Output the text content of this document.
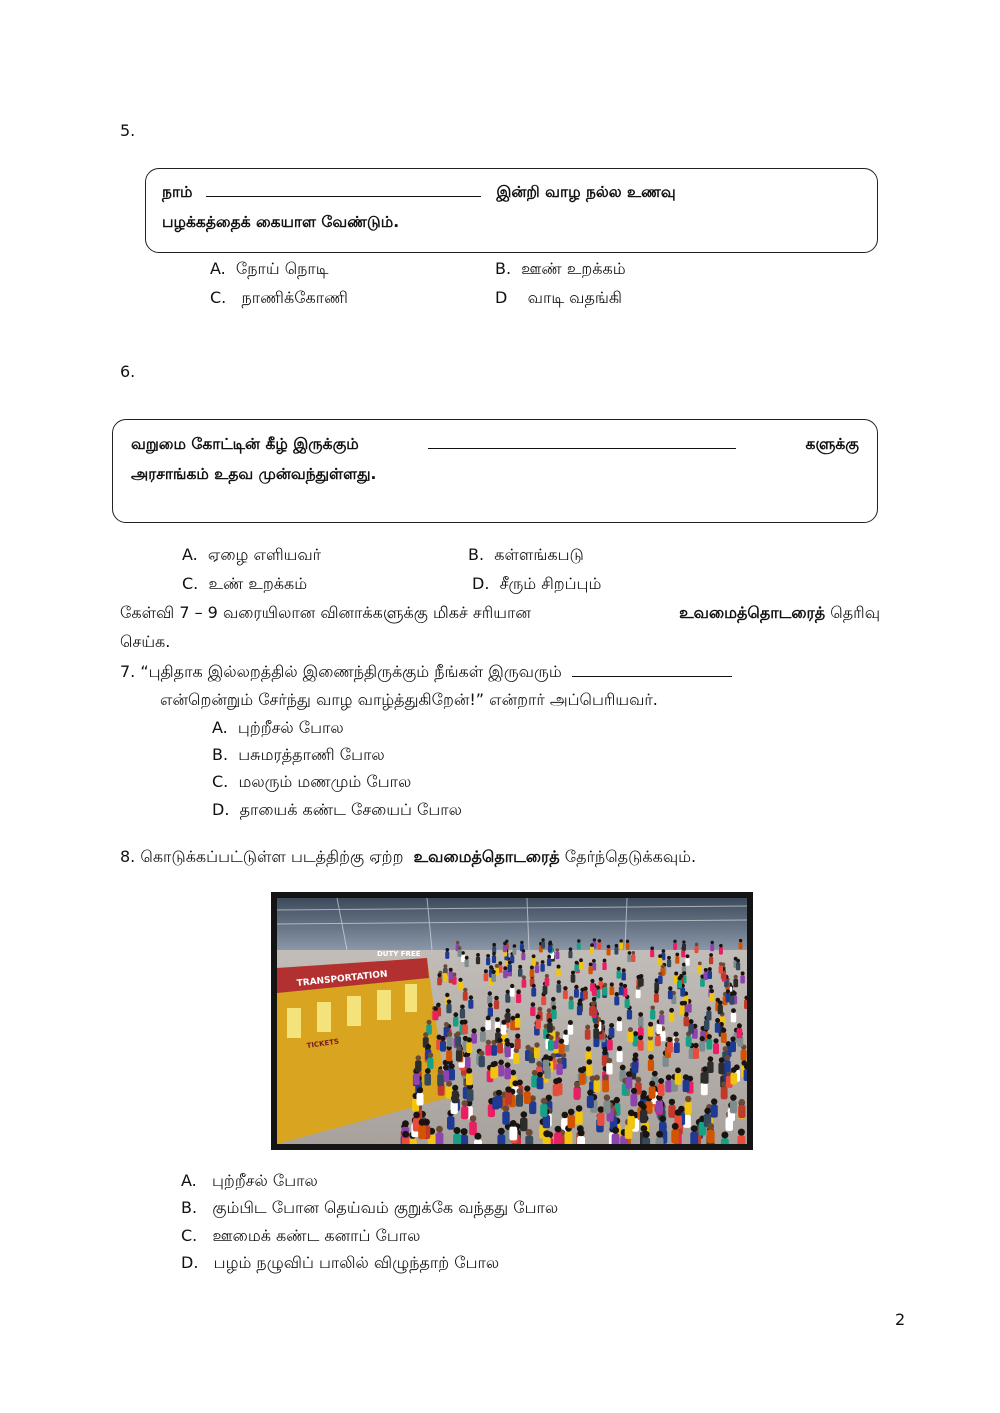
5.
நாம்	இன்றி வாழ நல்ல உணவு
பழக்கத்தைக் கையாள வேண்டும்.
A. நோய் நொடி	B. ஊண் உறக்கம்
C. நாணிக்கோணி	D வாடி வதங்கி
6.
வறுமை கோட்டின் கீழ் இருக்கும்	களுக்கு
அரசாங்கம் உதவ முன்வந்துள்ளது.
A. ஏழை எளியவர்	B. கள்ளங்கபடு
C. உண் உறக்கம்	D. சீரும் சிறப்பும்
கேள்வி 7 – 9 வரையிலான வினாக்களுக்கு மிகச் சரியான	உவமைத்தொடரைத் தெரிவு
செய்க.
7. “புதிதாக இல்லறத்தில் இணைந்திருக்கும் நீங்கள் இருவரும்
என்றென்றும் சேர்ந்து வாழ வாழ்த்துகிறேன்!” என்றார் அப்பெரியவர்.
A. புற்றீசல் போல
B. பசுமரத்தாணி போல
C. மலரும் மணமும் போல
D. தாயைக் கண்ட சேயைப் போல
8. கொடுக்கப்பட்டுள்ள படத்திற்கு ஏற்ற உவமைத்தொடரைத் தேர்ந்தெடுக்கவும்.
TRANSPORTATION
DUTY FREE
TICKETS
A. புற்றீசல் போல
B. கும்பிட போன தெய்வம் குறுக்கே வந்தது போல
C. ஊமைக் கண்ட கனாப் போல
D. பழம் நழுவிப் பாலில் விழுந்தாற் போல
2
